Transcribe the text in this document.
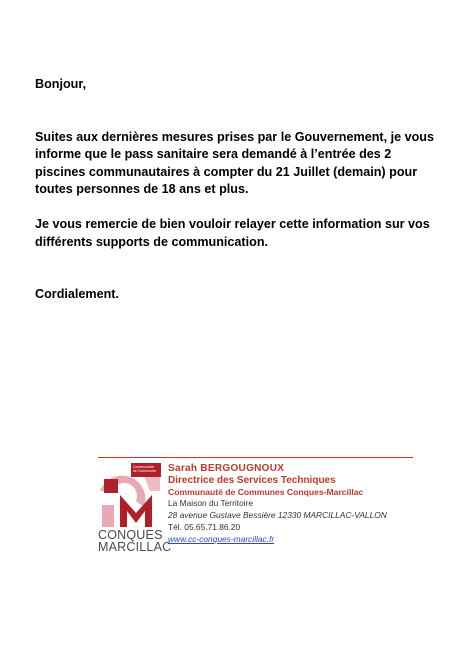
Bonjour,

Suites aux dernières mesures prises par le Gouvernement, je vous informe que le pass sanitaire sera demandé à l’entrée des 2 piscines communautaires à compter du 21 Juillet (demain) pour toutes personnes de 18 ans et plus.

Je vous remercie de bien vouloir relayer cette information sur vos différents supports de communication.

Cordialement.

Communauté
de Communes
CONQUES
MARCILLAC
Sarah BERGOUGNOUX
Directrice des Services Techniques
Communauté de Communes Conques-Marcillac
La Maison du Territoire
28 avenue Gustave Bessière 12330 MARCILLAC-VALLON
Tél. 05.65.71.86.20
www.cc-conques-marcillac.fr
